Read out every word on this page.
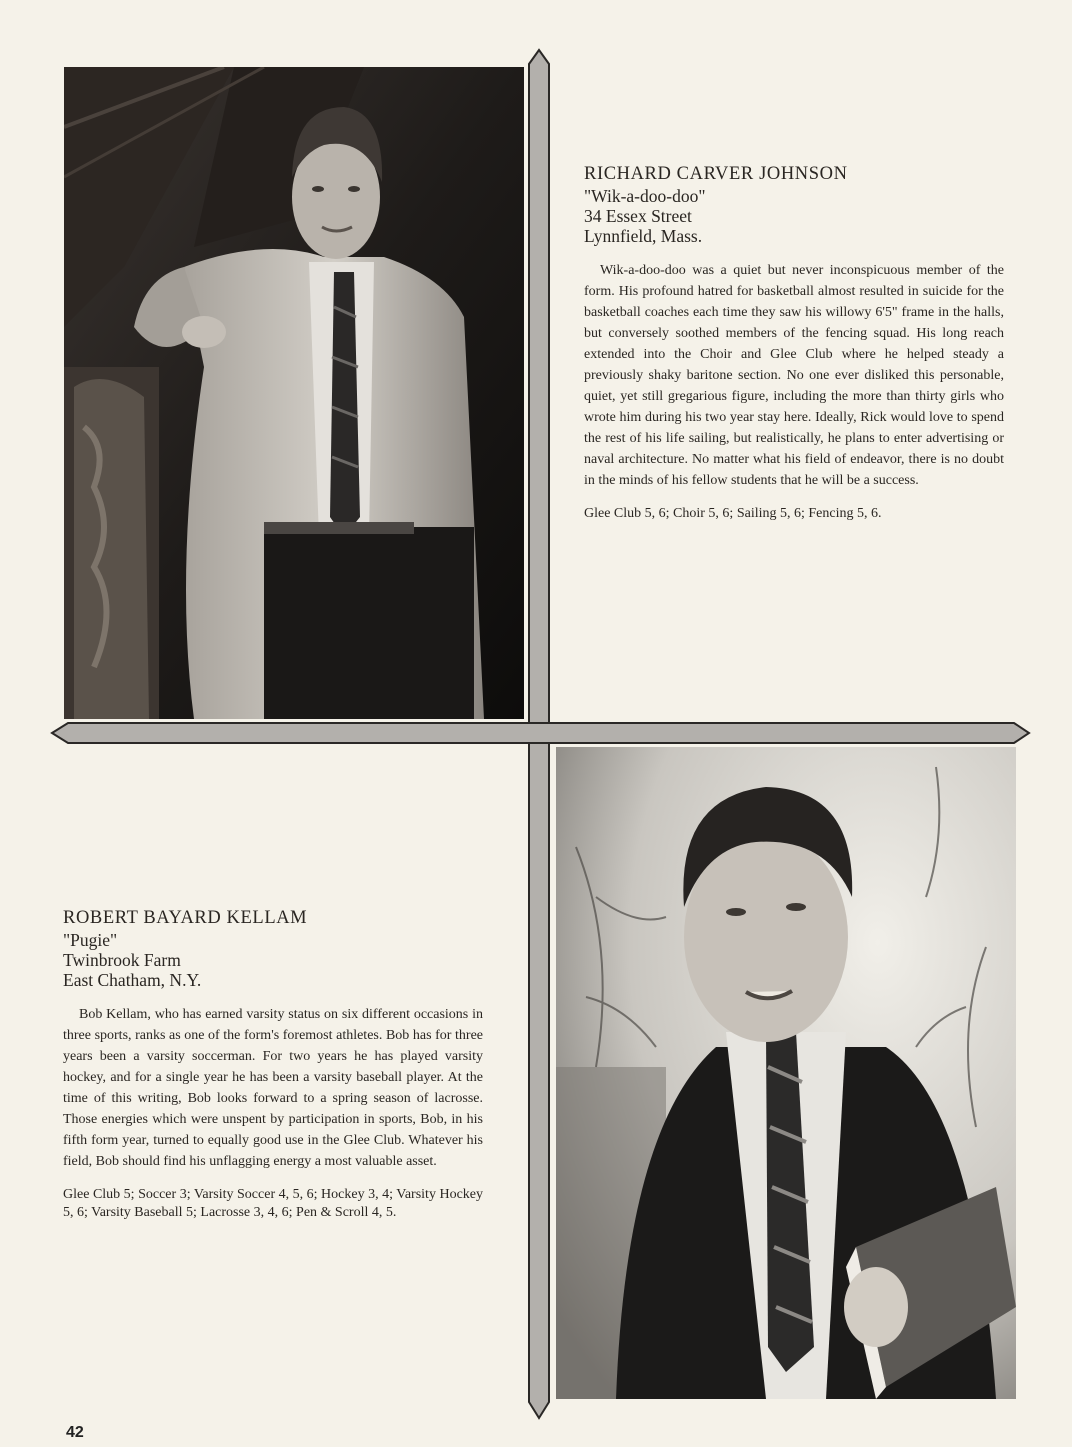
RICHARD CARVER JOHNSON
"Wik-a-doo-doo"
34 Essex Street
Lynnfield, Mass.

Wik-a-doo-doo was a quiet but never inconspicuous member of the form. His profound hatred for basketball almost resulted in suicide for the basketball coaches each time they saw his willowy 6'5" frame in the halls, but conversely soothed members of the fencing squad. His long reach extended into the Choir and Glee Club where he helped steady a previously shaky baritone section. No one ever disliked this personable, quiet, yet still gregarious figure, including the more than thirty girls who wrote him during his two year stay here. Ideally, Rick would love to spend the rest of his life sailing, but realistically, he plans to enter advertising or naval architecture. No matter what his field of endeavor, there is no doubt in the minds of his fellow students that he will be a success.

Glee Club 5, 6; Choir 5, 6; Sailing 5, 6; Fencing 5, 6.

ROBERT BAYARD KELLAM
"Pugie"
Twinbrook Farm
East Chatham, N.Y.

Bob Kellam, who has earned varsity status on six different occasions in three sports, ranks as one of the form's foremost athletes. Bob has for three years been a varsity soccerman. For two years he has played varsity hockey, and for a single year he has been a varsity baseball player. At the time of this writing, Bob looks forward to a spring season of lacrosse. Those energies which were unspent by participation in sports, Bob, in his fifth form year, turned to equally good use in the Glee Club. Whatever his field, Bob should find his unflagging energy a most valuable asset.

Glee Club 5; Soccer 3; Varsity Soccer 4, 5, 6; Hockey 3, 4; Varsity Hockey 5, 6; Varsity Baseball 5; Lacrosse 3, 4, 6; Pen & Scroll 4, 5.

42
